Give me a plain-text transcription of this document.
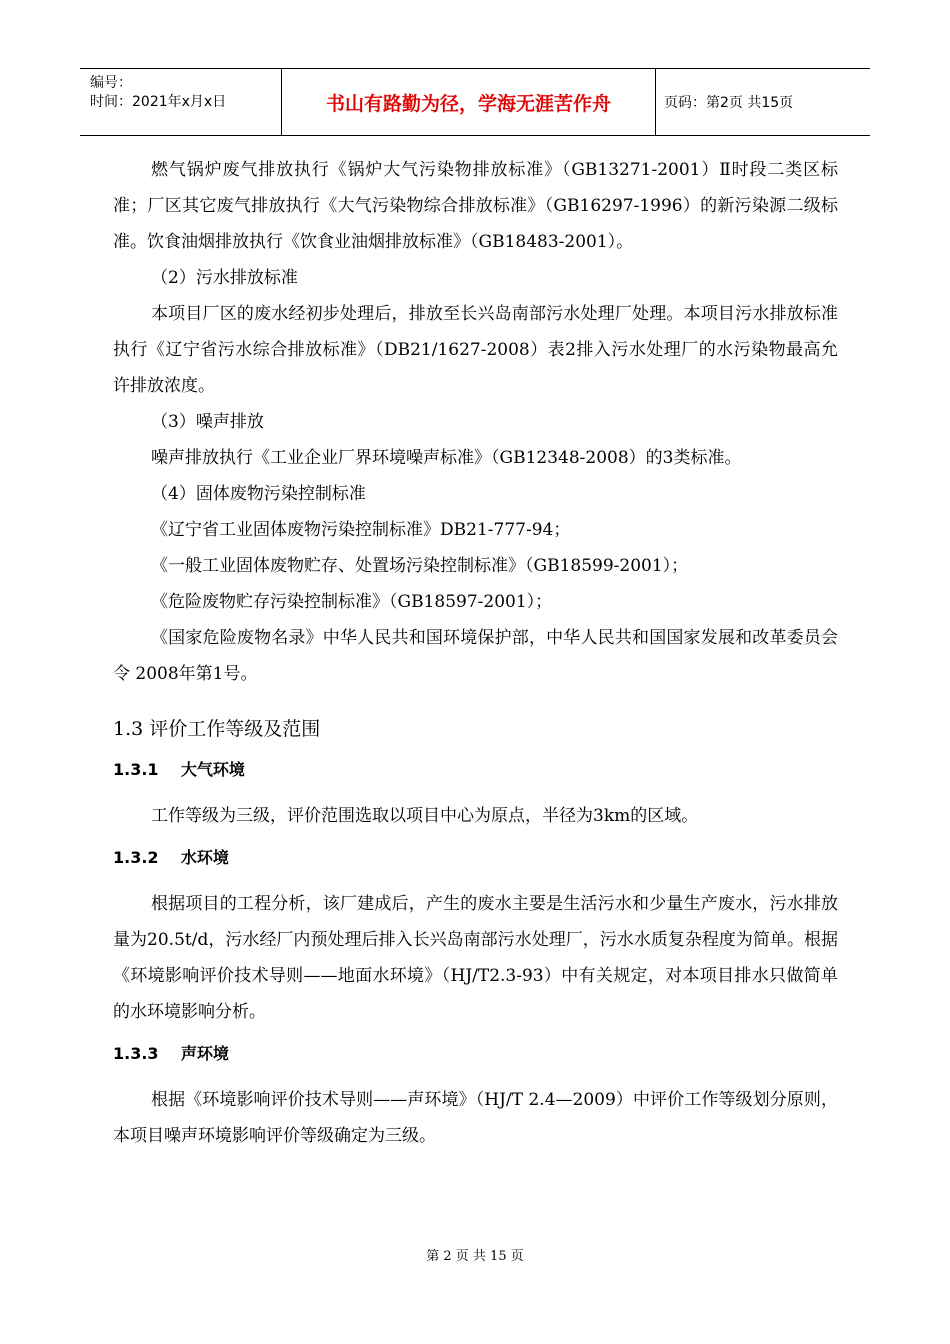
编号：
时间：2021年x月x日	书山有路勤为径，学海无涯苦作舟	页码：第2页 共15页

燃气锅炉废气排放执行《锅炉大气污染物排放标准》（GB13271-2001）Ⅱ时段二类区标准；厂区其它废气排放执行《大气污染物综合排放标准》（GB16297-1996）的新污染源二级标准。饮食油烟排放执行《饮食业油烟排放标准》（GB18483-2001）。

（2）污水排放标准

本项目厂区的废水经初步处理后，排放至长兴岛南部污水处理厂处理。本项目污水排放标准执行《辽宁省污水综合排放标准》（DB21/1627-2008）表2排入污水处理厂的水污染物最高允许排放浓度。

（3）噪声排放

噪声排放执行《工业企业厂界环境噪声标准》（GB12348-2008）的3类标准。

（4）固体废物污染控制标准

《辽宁省工业固体废物污染控制标准》DB21-777-94；

《一般工业固体废物贮存、处置场污染控制标准》（GB18599-2001）；

《危险废物贮存污染控制标准》（GB18597-2001）；

《国家危险废物名录》中华人民共和国环境保护部，中华人民共和国国家发展和改革委员会令 2008年第1号。

1.3 评价工作等级及范围
1.3.1    大气环境

工作等级为三级，评价范围选取以项目中心为原点，半径为3km的区域。

1.3.2    水环境

根据项目的工程分析，该厂建成后，产生的废水主要是生活污水和少量生产废水，污水排放量为20.5t/d，污水经厂内预处理后排入长兴岛南部污水处理厂，污水水质复杂程度为简单。根据《环境影响评价技术导则——地面水环境》（HJ/T2.3-93）中有关规定，对本项目排水只做简单的水环境影响分析。

1.3.3    声环境

根据《环境影响评价技术导则——声环境》（HJ/T 2.4—2009）中评价工作等级划分原则，本项目噪声环境影响评价等级确定为三级。

第 2 页 共 15 页
